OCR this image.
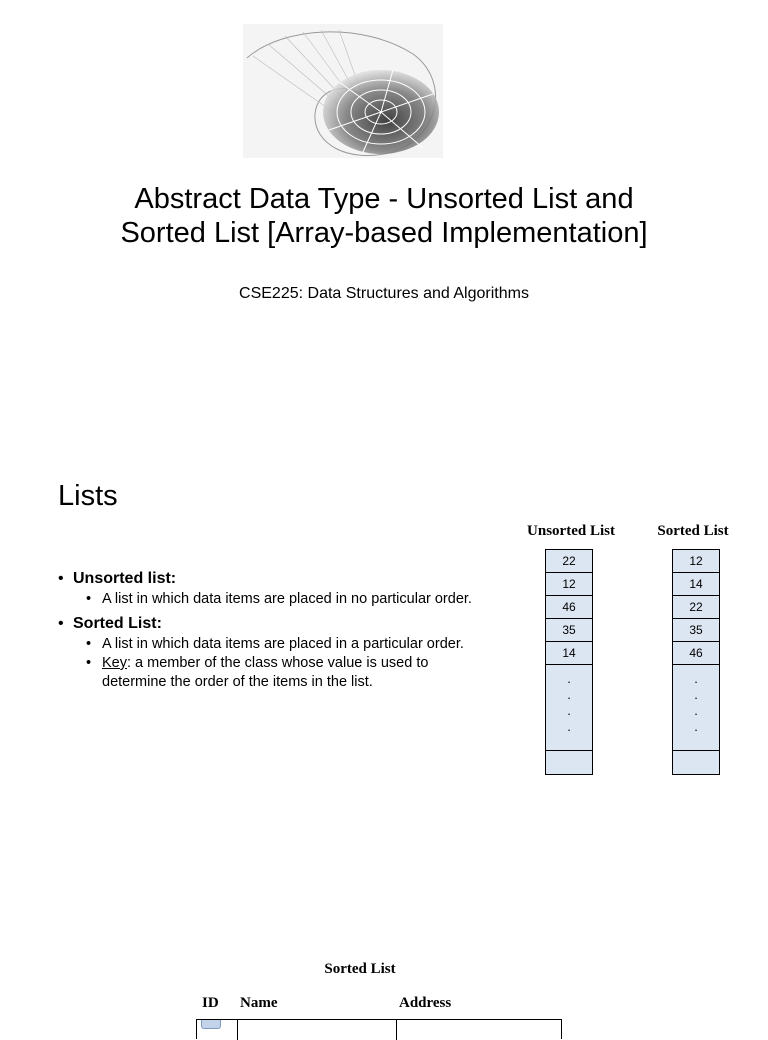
Abstract Data Type - Unsorted List and
Sorted List [Array-based Implementation]
CSE225: Data Structures and Algorithms
Lists
• Unsorted list:
• A list in which data items are placed in no particular order.
• Sorted List:
• A list in which data items are placed in a particular order.
• Key: a member of the class whose value is used to
determine the order of the items in the list.
Unsorted List	Sorted List
22
12
46
35
14
.
.
.
.
12
14
22
35
46
.
.
.
.
Sorted List
ID Name	Address
